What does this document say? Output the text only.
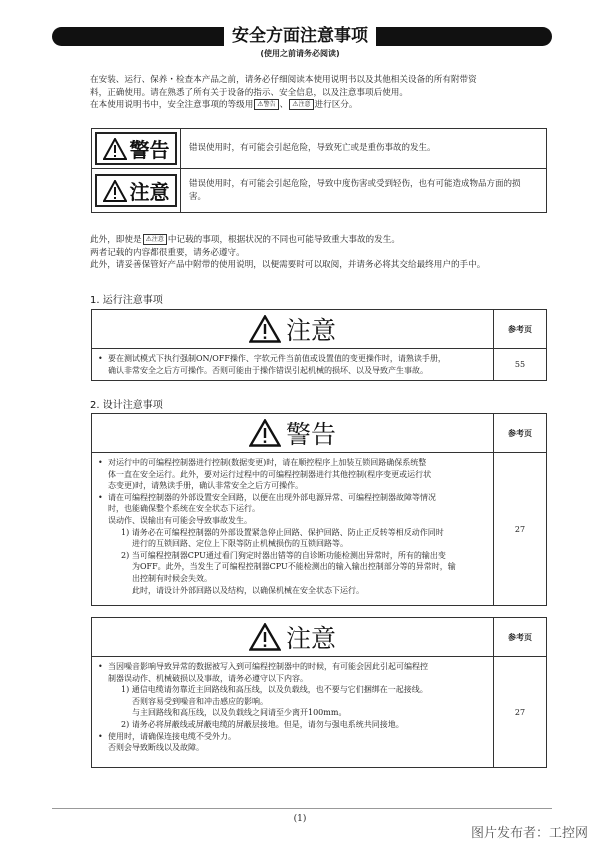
安全方面注意事项
(使用之前请务必阅读)

在安装、运行、保养・检查本产品之前，请务必仔细阅读本使用说明书以及其他相关设备的所有附带资

料，正确使用。请在熟悉了所有关于设备的指示、安全信息，以及注意事项后使用。

在本使用说明书中，安全注意事项的等级用 ⚠警告 、 ⚠注意 进行区分。

警告	错误使用时，有可能会引起危险，导致死亡或是重伤事故的发生。
注意 错误使用时，有可能会引起危险，导致中度伤害或受到轻伤，也有可能造成物品方面的损
害。

此外，即使是 ⚠注意 中记载的事项，根据状况的不同也可能导致重大事故的发生。

两者记载的内容都很重要，请务必遵守。

此外，请妥善保管好产品中附带的使用说明，以便需要时可以取阅，并请务必将其交给最终用户的手中。

1. 运行注意事项
注意	参考页

• 要在测试模式下执行强制ON/OFF操作、字软元件当前值或设置值的变更操作时，请熟读手册，

确认非常安全之后方可操作。否则可能由于操作错误引起机械的损坏、以及导致产生事故。

55
2. 设计注意事项
警告	参考页

• 对运行中的可编程控制器进行控制(数据变更)时，请在顺控程序上加装互锁回路确保系统整

体一直在安全运行。此外，要对运行过程中的可编程控制器进行其他控制(程序变更或运行状

态变更)时，请熟读手册，确认非常安全之后方可操作。

• 请在可编程控制器的外部设置安全回路，以便在出现外部电源异常、可编程控制器故障等情况

时，也能确保整个系统在安全状态下运行。

误动作、误输出有可能会导致事故发生。

1) 请务必在可编程控制器的外部设置紧急停止回路、保护回路、防止正反转等相反动作同时

进行的互锁回路、定位上下限等防止机械损伤的互锁回路等。

2) 当可编程控制器CPU通过看门狗定时器出错等的自诊断功能检测出异常时，所有的输出变

为OFF。此外，当发生了可编程控制器CPU不能检测出的输入输出控制部分等的异常时，输

出控制有时候会失效。

此时，请设计外部回路以及结构，以确保机械在安全状态下运行。

27
注意	参考页

• 当因噪音影响导致异常的数据被写入到可编程控制器中的时候，有可能会因此引起可编程控

制器误动作、机械破损以及事故，请务必遵守以下内容。

1) 通信电缆请勿靠近主回路线和高压线，以及负载线，也不要与它们捆绑在一起接线。

否则容易受到噪音和冲击感应的影响。

与主回路线和高压线，以及负载线之间请至少离开100mm。

2) 请务必将屏蔽线或屏蔽电缆的屏蔽层接地。但是，请勿与强电系统共同接地。

• 使用时，请确保连接电缆不受外力。

否则会导致断线以及故障。

27
(1)
图片发布者：工控网
